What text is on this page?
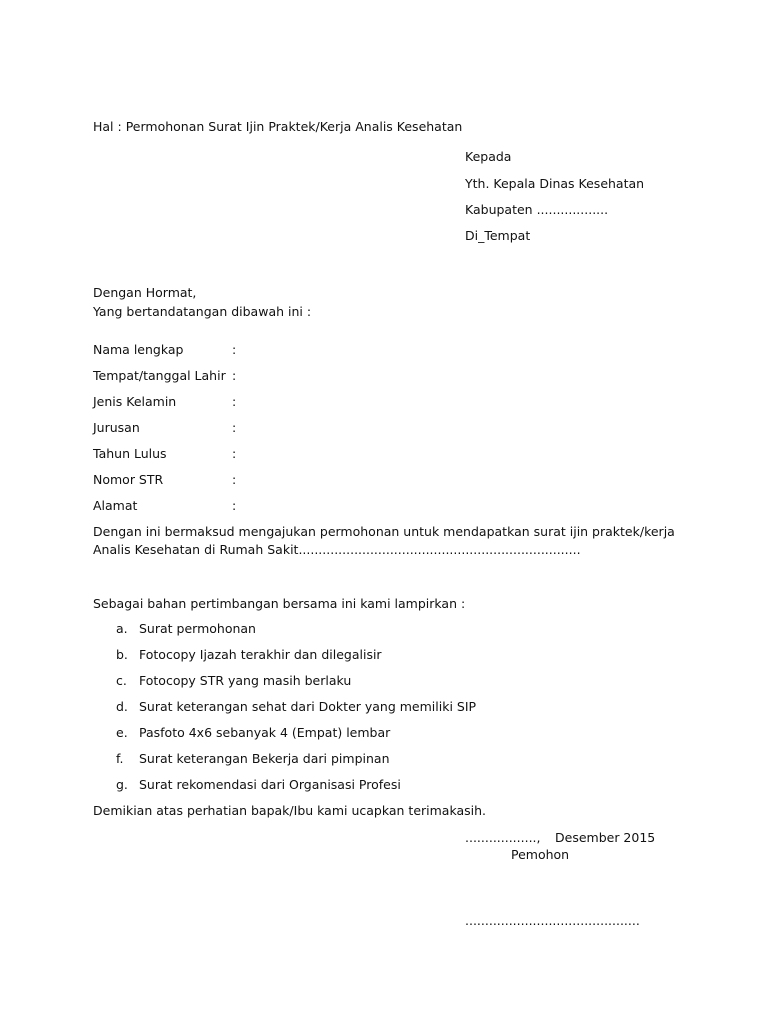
Hal : Permohonan Surat Ijin Praktek/Kerja Analis Kesehatan
Kepada
Yth. Kepala Dinas Kesehatan
Kabupaten ..................
Di_Tempat
Dengan Hormat,
Yang bertandatangan dibawah ini :
Nama lengkap	:
Tempat/tanggal Lahir :
Jenis Kelamin	:
Jurusan	:
Tahun Lulus	:
Nomor STR	:
Alamat	:
Dengan ini bermaksud mengajukan permohonan untuk mendapatkan surat ijin praktek/kerja Analis Kesehatan di Rumah Sakit.......................................................................
Sebagai bahan pertimbangan bersama ini kami lampirkan :
a. Surat permohonan
b. Fotocopy Ijazah terakhir dan dilegalisir
c. Fotocopy STR yang masih berlaku
d. Surat keterangan sehat dari Dokter yang memiliki SIP
e. Pasfoto 4x6 sebanyak 4 (Empat) lembar
f. Surat keterangan Bekerja dari pimpinan
g. Surat rekomendasi dari Organisasi Profesi
Demikian atas perhatian bapak/Ibu kami ucapkan terimakasih.
.................., Desember 2015
Pemohon
............................................
